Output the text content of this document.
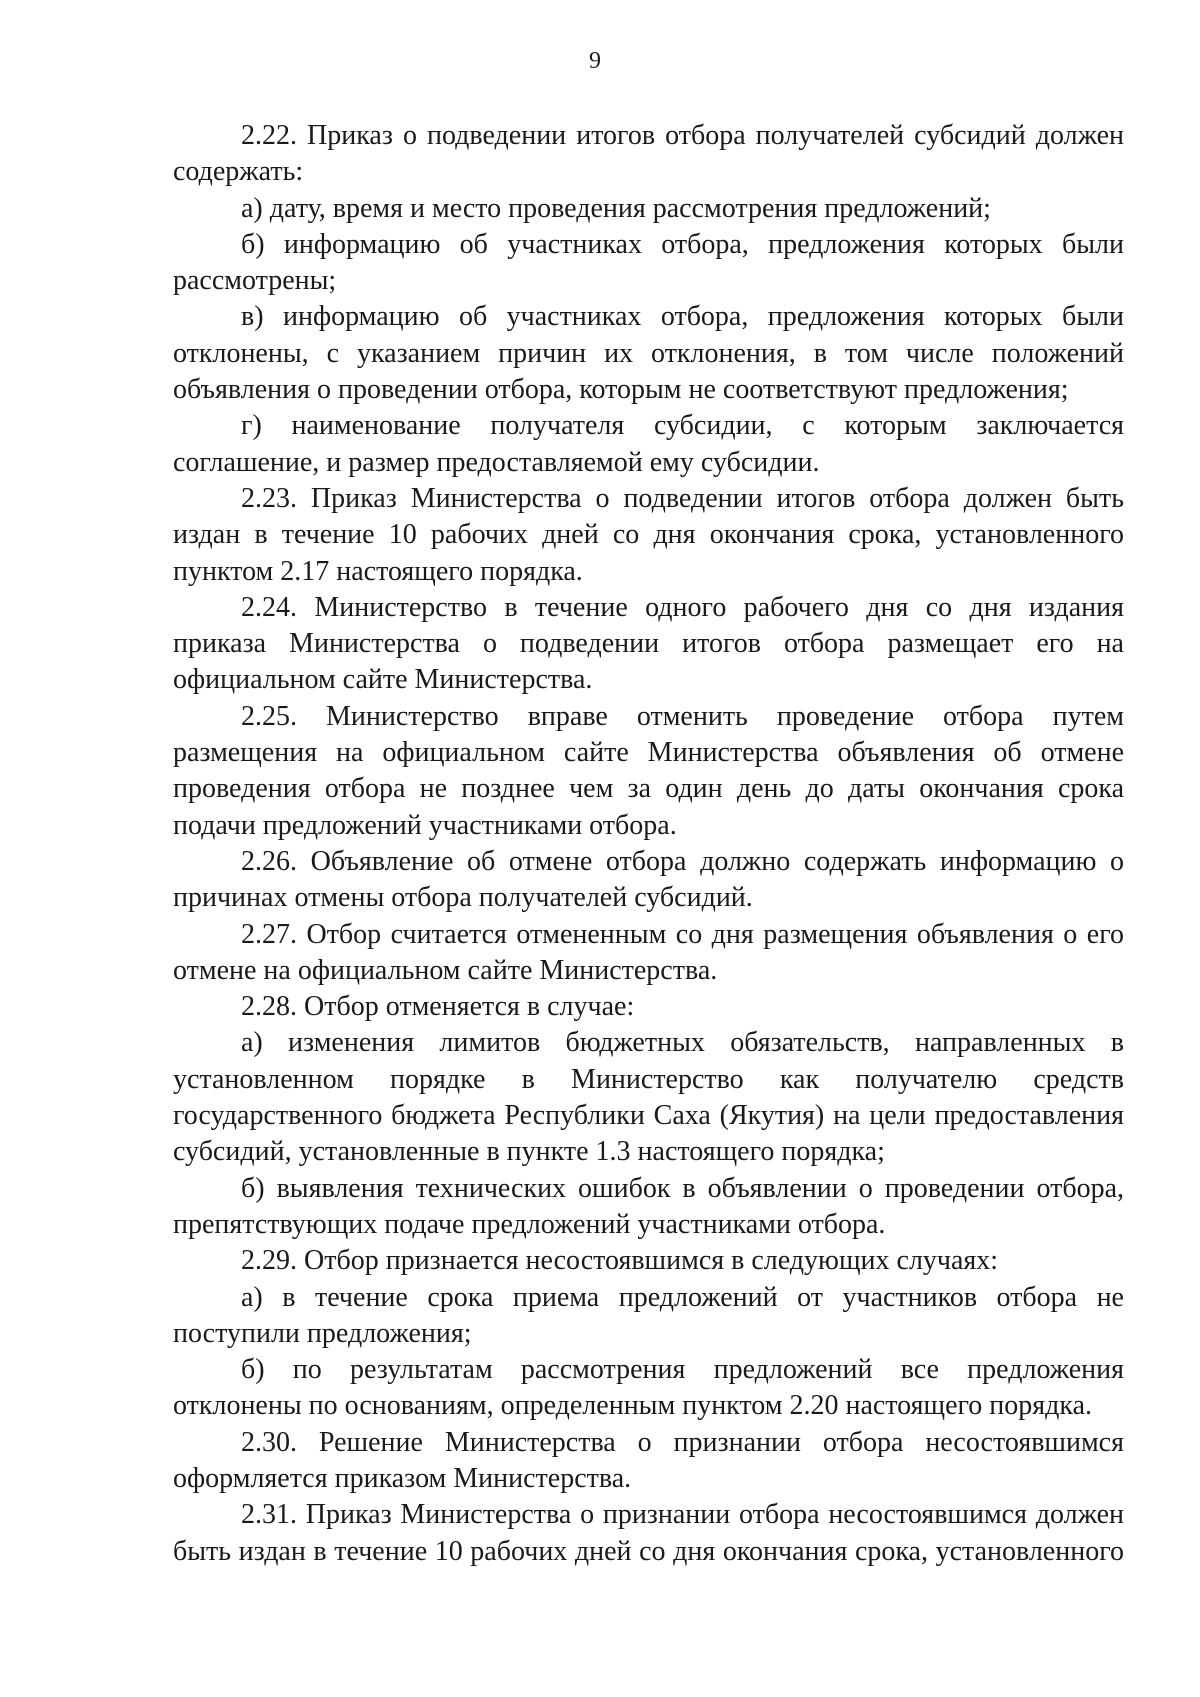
9

2.22. Приказ о подведении итогов отбора получателей субсидий должен содержать:

а) дату, время и место проведения рассмотрения предложений;

б) информацию об участниках отбора, предложения которых были рассмотрены;

в) информацию об участниках отбора, предложения которых были отклонены, с указанием причин их отклонения, в том числе положений объявления о проведении отбора, которым не соответствуют предложения;

г) наименование получателя субсидии, с которым заключается соглашение, и размер предоставляемой ему субсидии.

2.23. Приказ Министерства о подведении итогов отбора должен быть издан в течение 10 рабочих дней со дня окончания срока, установленного пунктом 2.17 настоящего порядка.

2.24. Министерство в течение одного рабочего дня со дня издания приказа Министерства о подведении итогов отбора размещает его на официальном сайте Министерства.

2.25. Министерство вправе отменить проведение отбора путем размещения на официальном сайте Министерства объявления об отмене проведения отбора не позднее чем за один день до даты окончания срока подачи предложений участниками отбора.

2.26. Объявление об отмене отбора должно содержать информацию о причинах отмены отбора получателей субсидий.

2.27. Отбор считается отмененным со дня размещения объявления о его отмене на официальном сайте Министерства.

2.28. Отбор отменяется в случае:

а) изменения лимитов бюджетных обязательств, направленных в установленном порядке в Министерство как получателю средств государственного бюджета Республики Саха (Якутия) на цели предоставления субсидий, установленные в пункте 1.3 настоящего порядка;

б) выявления технических ошибок в объявлении о проведении отбора, препятствующих подаче предложений участниками отбора.

2.29. Отбор признается несостоявшимся в следующих случаях:

а) в течение срока приема предложений от участников отбора не поступили предложения;

б) по результатам рассмотрения предложений все предложения отклонены по основаниям, определенным пунктом 2.20 настоящего порядка.

2.30. Решение Министерства о признании отбора несостоявшимся оформляется приказом Министерства.

2.31. Приказ Министерства о признании отбора несостоявшимся должен быть издан в течение 10 рабочих дней со дня окончания срока, установленного
